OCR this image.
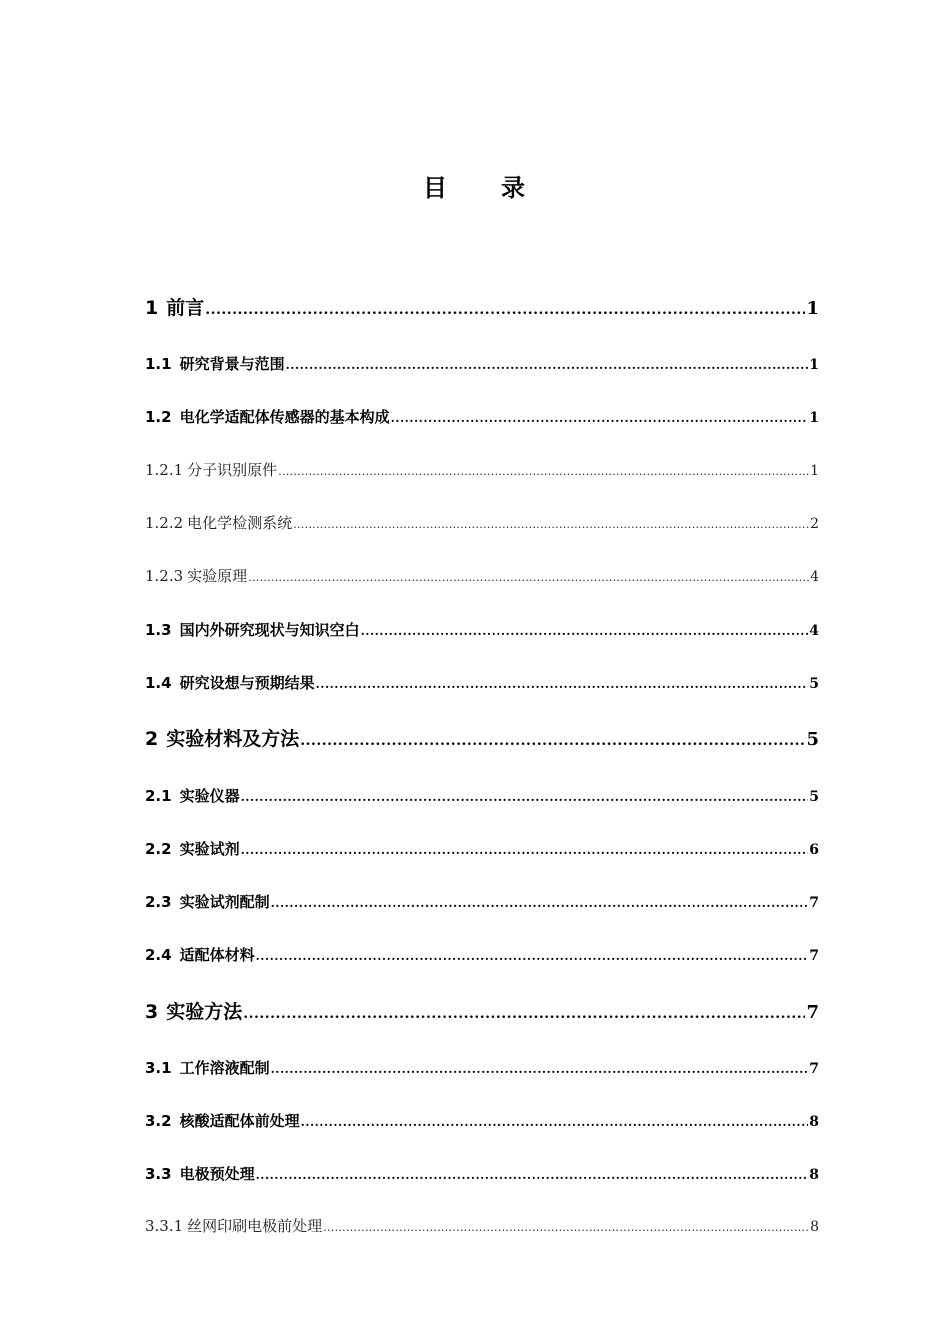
目 录
1 前言 .....	1
1.1 研究背景与范围 .....	1
1.2 电化学适配体传感器的基本构成 .....	1
1.2.1 分子识别原件 .....	1
1.2.2 电化学检测系统 .....	2
1.2.3 实验原理 .....	4
1.3 国内外研究现状与知识空白 .....	4
1.4 研究设想与预期结果 .....	5
2 实验材料及方法 .....	5
2.1 实验仪器 .....	5
2.2 实验试剂 .....	6
2.3 实验试剂配制 .....	7
2.4 适配体材料 .....	7
3 实验方法 .....	7
3.1 工作溶液配制 .....	7
3.2 核酸适配体前处理 .....	8
3.3 电极预处理 .....	8
3.3.1 丝网印刷电极前处理 .....	8
